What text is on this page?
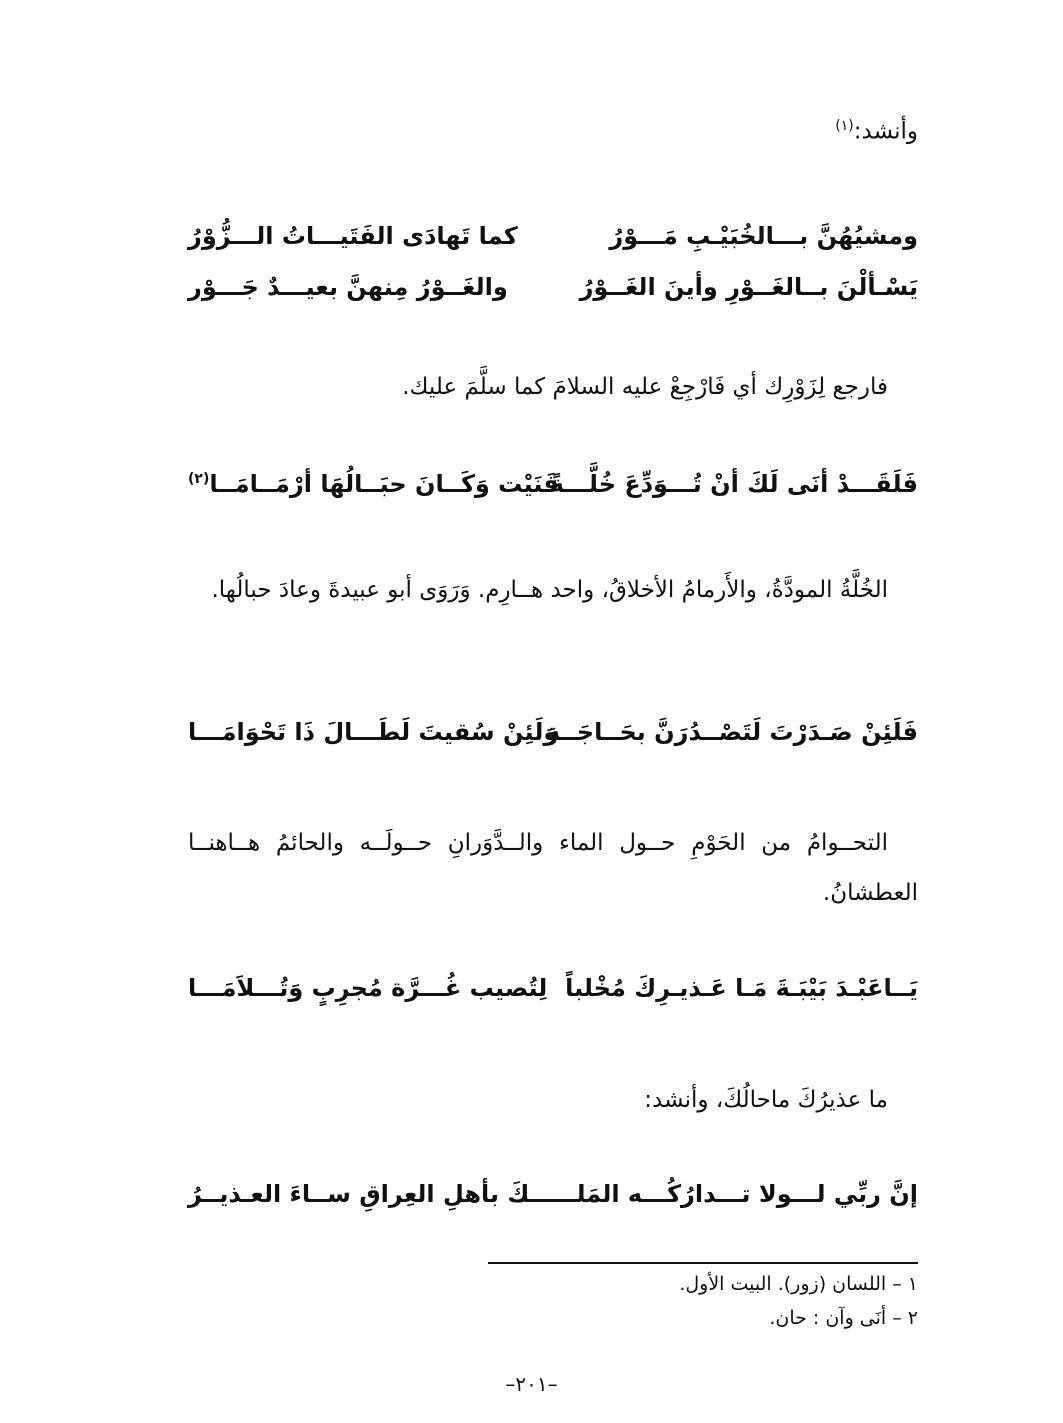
وأنشد:$^{(١)}$
ومشيُهُنَّ بـــالخُبَيْـبِ مَـــوْرُ
كما تَهادَى الفَتَيـــاتُ الـــزُّوْرُ
يَسْـألْنَ بــالغَــوْرِ وأينَ الغَــوْرُ
والغَــوْرُ مِنهنَّ بعيـــدٌ جَـــوْر
فارجع لِزَوْرِك أي فَارْجِعْ عليه السلامَ كما سلَّمَ عليك.
فَلَقَـــدْ أنَى لَكَ أنْ تُـــوَدِّعَ خُلَّـــةً
فَنَيْت وَكَــانَ حبَــالُهَا أرْمَــامَــا$^{(٢)}$
الخُلَّةُ المودَّةُ، والأَرمامُ الأخلاقُ، واحد هــارِم. وَرَوَى أبو عبيدةَ وعادَ حبالُها.
فَلَئِنْ صَـدَرْتَ لَتَصْــدُرَنَّ بحَــاجَــة
وَلَئِنْ سُقيتَ لَطَـــالَ ذَا تَحْوَامَـــا
التحــوامُ من الحَوْمِ حــول الماء والــدَّوَرانِ حــولَــه والحائمُ هــاهنــا العطشانُ.
يَــاعَبْـدَ بَيْبَـةَ مَـا عَـذيـرِكَ مُخْلباً
لِتُصيب غُـــرَّة مُجرِبٍ وَتُـــلاَمَـــا
ما عذيرُكَ ماحالُكَ، وأنشد:
إنَّ ربِّي لـــولا تـــدارُكُـــه المَلـــ
ـــكَ بأهلِ العِراقِ ســاءَ العـذيــرُ
١ – اللسان (زور). البيت الأول.
٢ – أنَى وآن : حان.
–٢٠١–
